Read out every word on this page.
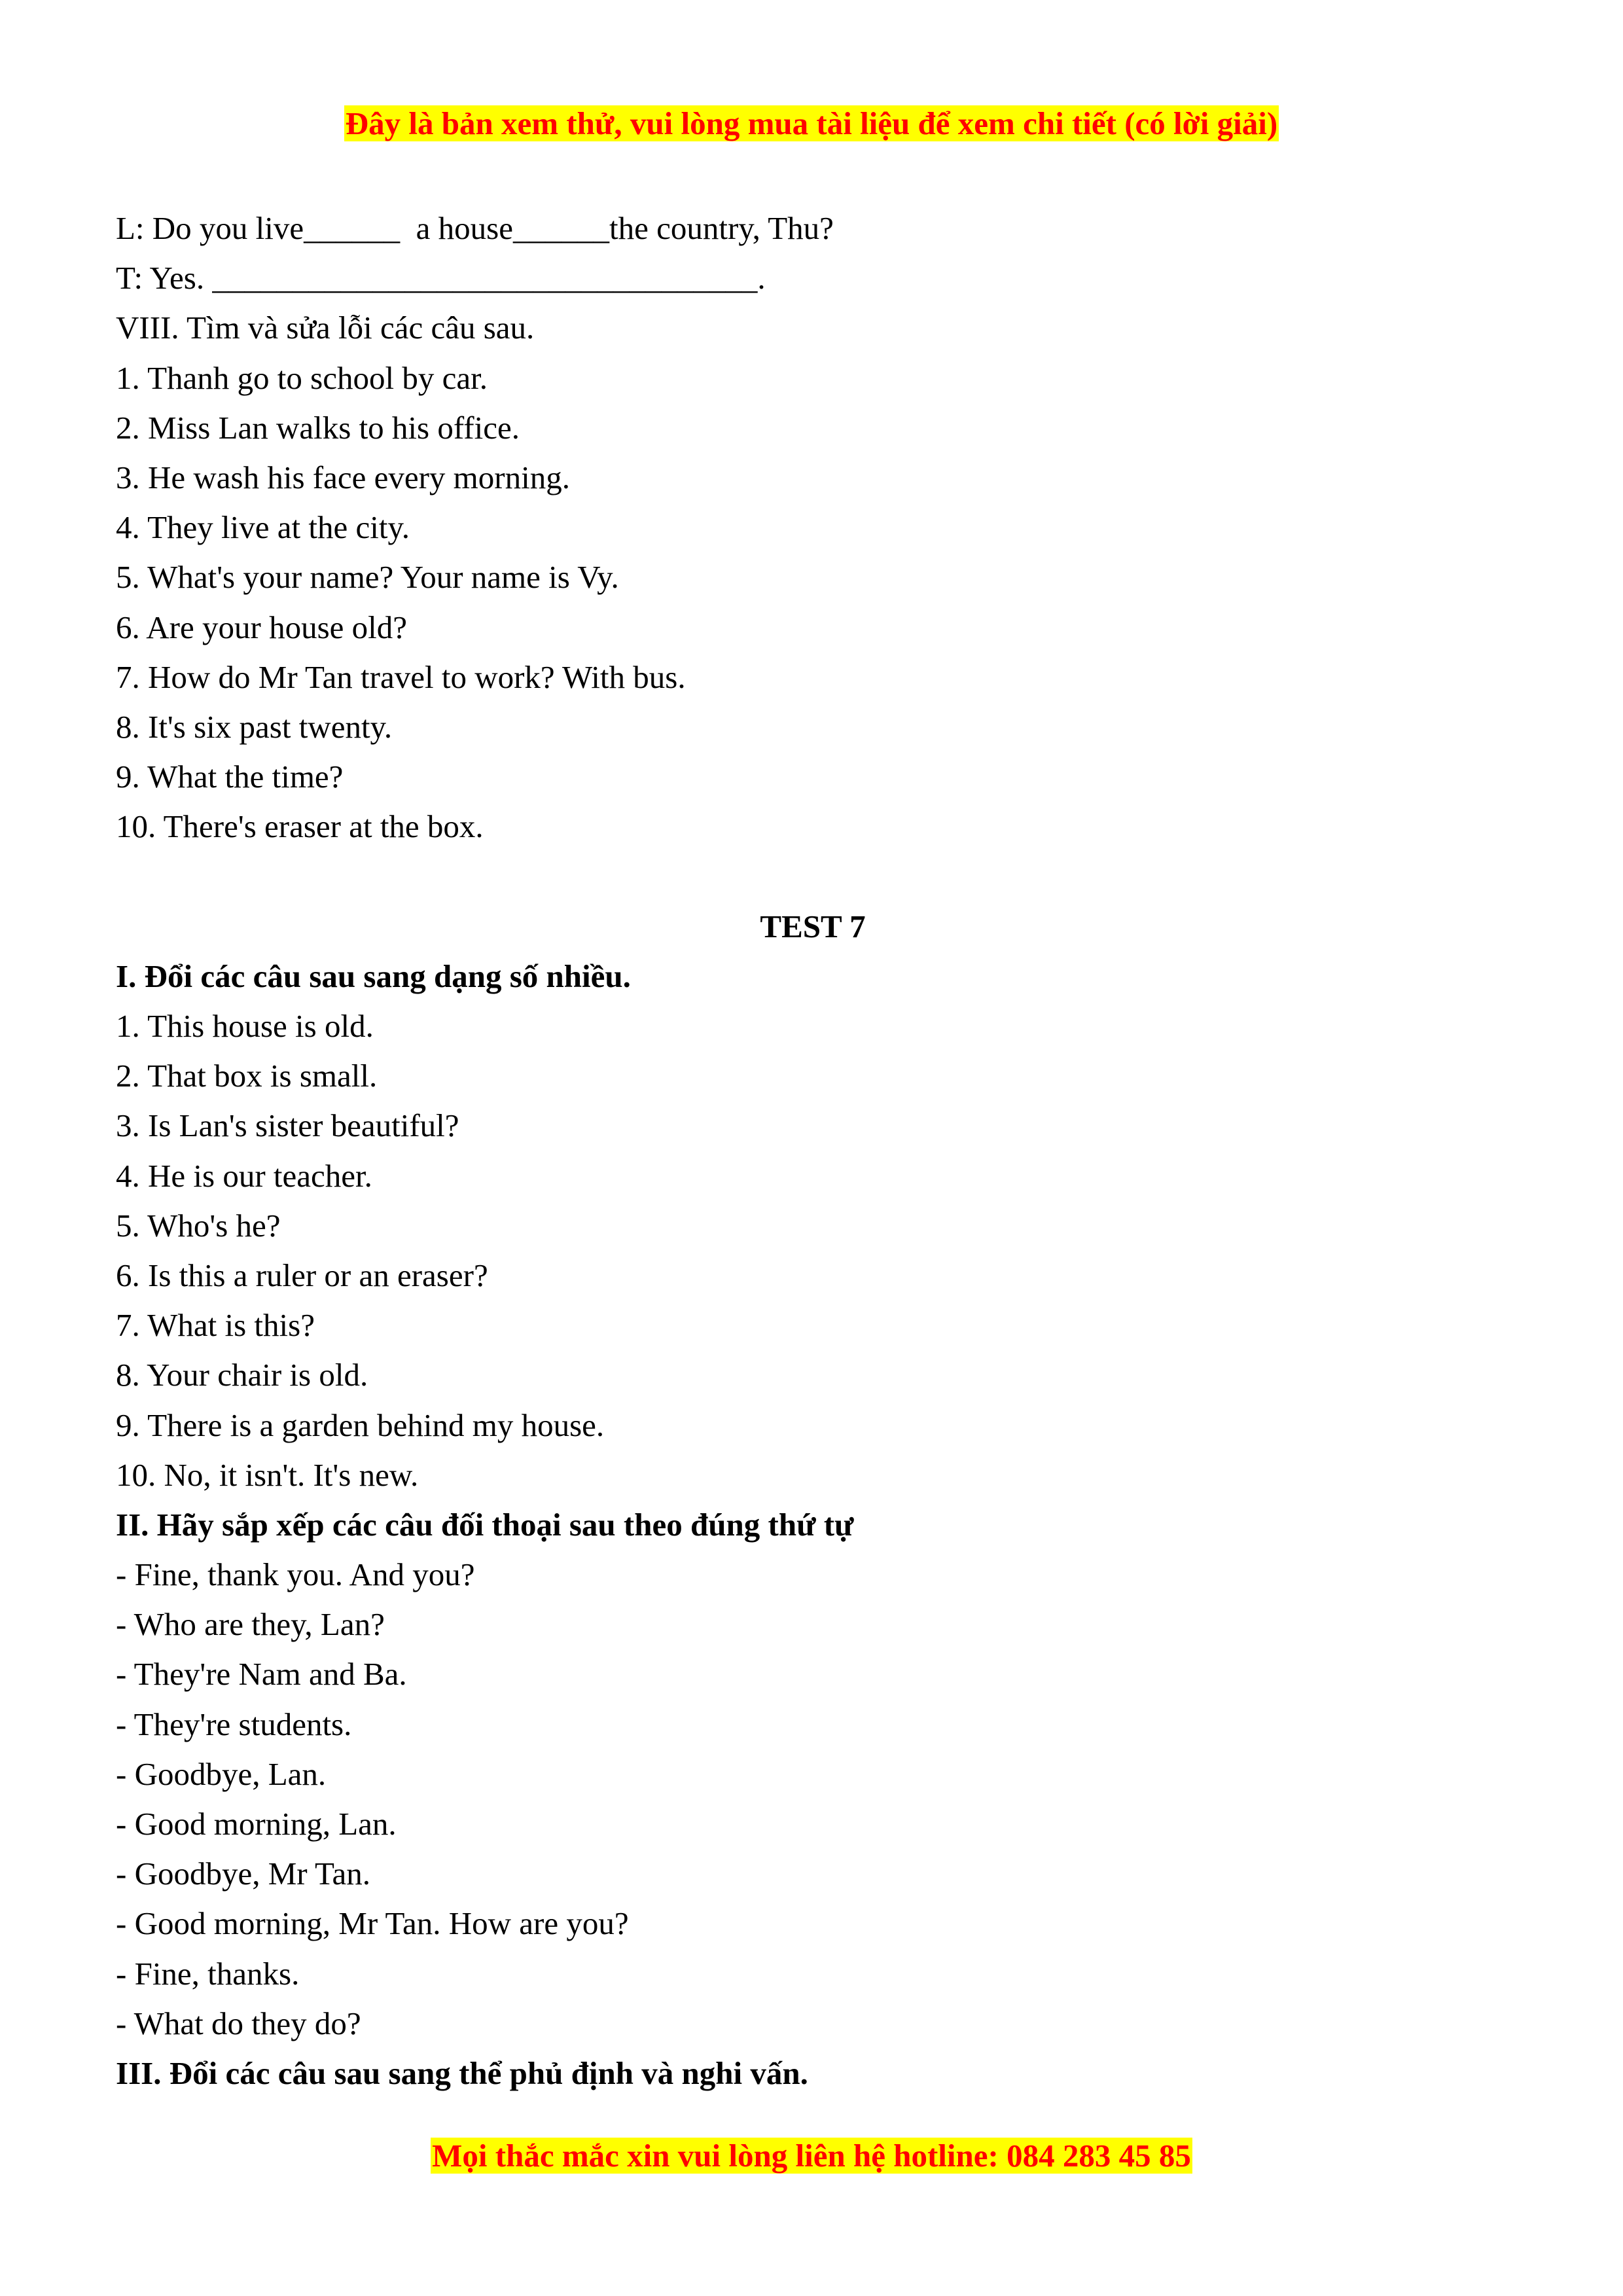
Đây là bản xem thử, vui lòng mua tài liệu để xem chi tiết (có lời giải)
L: Do you live______  a house______the country, Thu?
T: Yes. __________________________________.
VIII. Tìm và sửa lỗi các câu sau.
1. Thanh go to school by car.
2. Miss Lan walks to his office.
3. He wash his face every morning.
4. They live at the city.
5. What's your name? Your name is Vy.
6. Are your house old?
7. How do Mr Tan travel to work? With bus.
8. It's six past twenty.
9. What the time?
10. There's eraser at the box.
TEST 7
I. Đổi các câu sau sang dạng số nhiều.
1. This house is old.
2. That box is small.
3. Is Lan's sister beautiful?
4. He is our teacher.
5. Who's he?
6. Is this a ruler or an eraser?
7. What is this?
8. Your chair is old.
9. There is a garden behind my house.
10. No, it isn't. It's new.
II. Hãy sắp xếp các câu đối thoại sau theo đúng thứ tự
- Fine, thank you. And you?
- Who are they, Lan?
- They're Nam and Ba.
- They're students.
- Goodbye, Lan.
- Good morning, Lan.
- Goodbye, Mr Tan.
- Good morning, Mr Tan. How are you?
- Fine, thanks.
- What do they do?
III. Đổi các câu sau sang thể phủ định và nghi vấn.
Mọi thắc mắc xin vui lòng liên hệ hotline: 084 283 45 85
